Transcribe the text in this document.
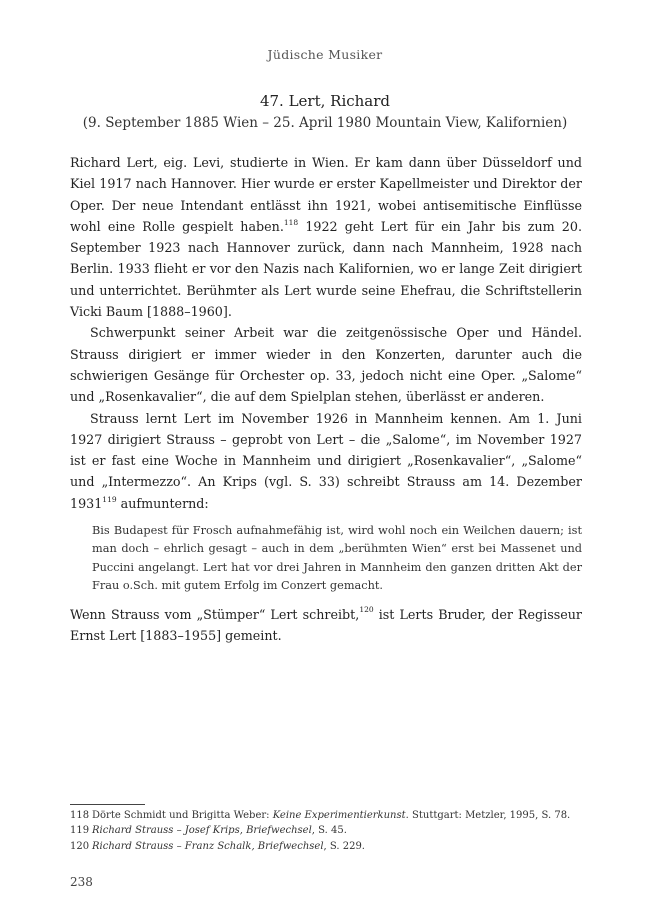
Jüdische Musiker
47. Lert, Richard
(9. September 1885 Wien – 25. April 1980 Mountain View, Kalifornien)

Richard Lert, eig. Levi, studierte in Wien. Er kam dann über Düsseldorf und Kiel 1917 nach Hannover. Hier wurde er erster Kapellmeister und Direktor der Oper. Der neue Intendant entlässt ihn 1921, wobei antisemitische Einflüsse wohl eine Rolle gespielt haben.$^{118}$ 1922 geht Lert für ein Jahr bis zum 20. September 1923 nach Hannover zurück, dann nach Mannheim, 1928 nach Berlin. 1933 flieht er vor den Nazis nach Kalifornien, wo er lange Zeit dirigiert und unterrichtet. Berühmter als Lert wurde seine Ehefrau, die Schriftstellerin Vicki Baum [1888–1960].

Schwerpunkt seiner Arbeit war die zeitgenössische Oper und Händel. Strauss dirigiert er immer wieder in den Konzerten, darunter auch die schwierigen Gesänge für Orchester op. 33, jedoch nicht eine Oper. „Salome“ und „Rosenkavalier“, die auf dem Spielplan stehen, überlässt er anderen.

Strauss lernt Lert im November 1926 in Mannheim kennen. Am 1. Juni 1927 dirigiert Strauss – geprobt von Lert – die „Salome“, im November 1927 ist er fast eine Woche in Mannheim und dirigiert „Rosenkavalier“, „Salome“ und „Intermezzo“. An Krips (vgl. S. 33) schreibt Strauss am 14. Dezember 1931$^{119}$ aufmunternd:

Bis Budapest für Frosch aufnahmefähig ist, wird wohl noch ein Weilchen dauern; ist man doch – ehrlich gesagt – auch in dem „berühmten Wien“ erst bei Massenet und Puccini angelangt. Lert hat vor drei Jahren in Mannheim den ganzen dritten Akt der Frau o.Sch. mit gutem Erfolg im Conzert gemacht.

Wenn Strauss vom „Stümper“ Lert schreibt,$^{120}$ ist Lerts Bruder, der Regisseur Ernst Lert [1883–1955] gemeint.

118 Dörte Schmidt und Brigitta Weber: Keine Experimentierkunst. Stuttgart: Metzler, 1995, S. 78.
119 Richard Strauss – Josef Krips, Briefwechsel, S. 45.
120 Richard Strauss – Franz Schalk, Briefwechsel, S. 229.
238
